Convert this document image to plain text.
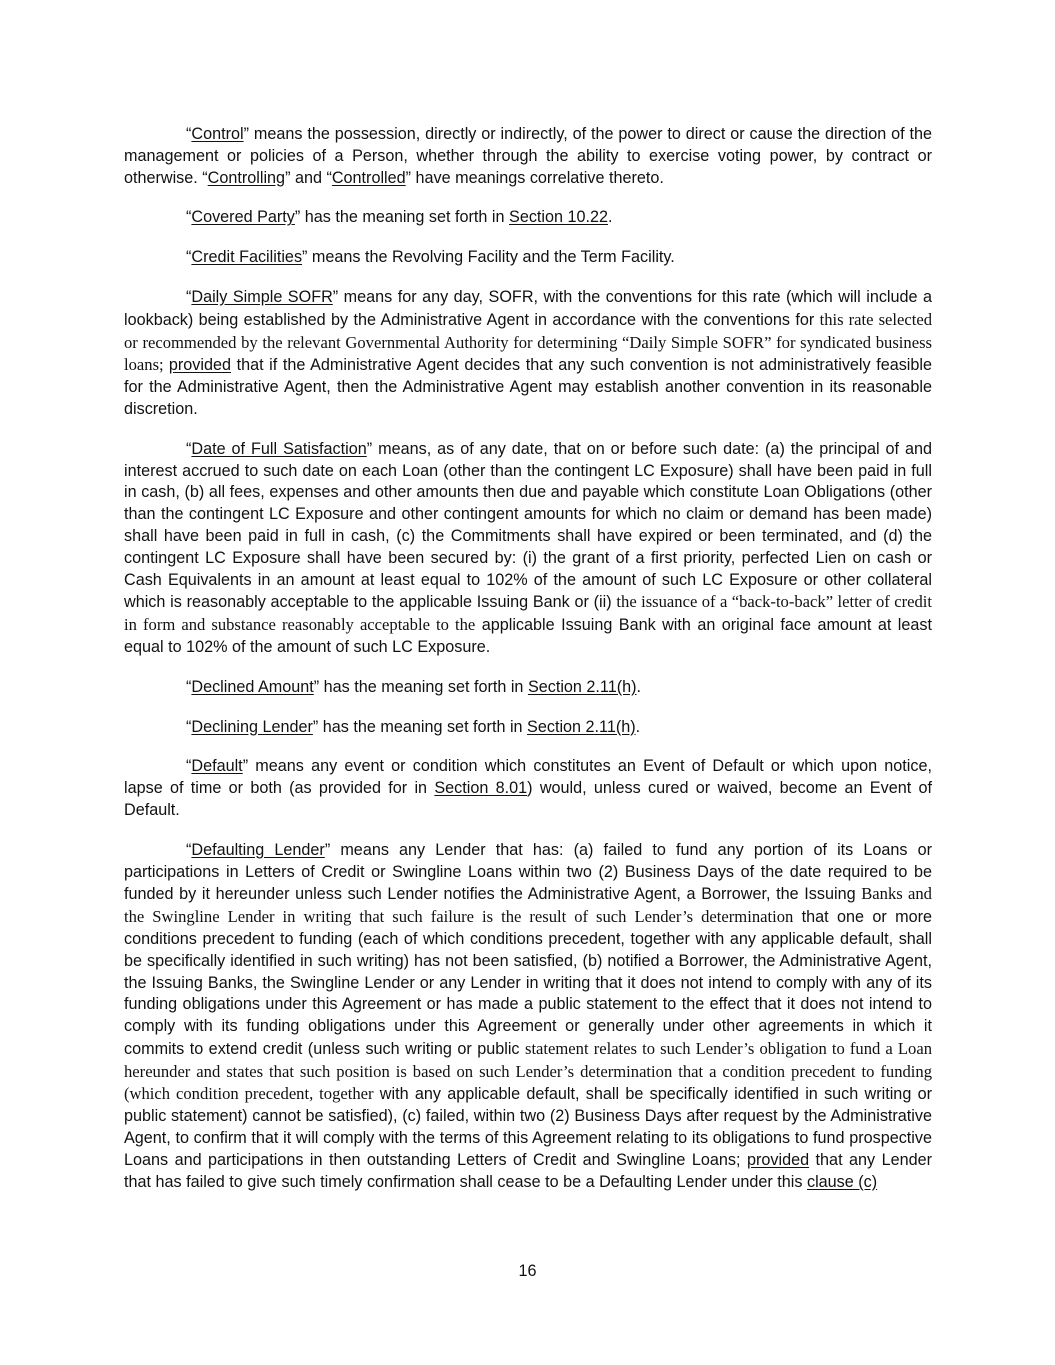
“Control” means the possession, directly or indirectly, of the power to direct or cause the direction of the management or policies of a Person, whether through the ability to exercise voting power, by contract or otherwise. “Controlling” and “Controlled” have meanings correlative thereto.

“Covered Party” has the meaning set forth in Section 10.22.

“Credit Facilities” means the Revolving Facility and the Term Facility.

“Daily Simple SOFR” means for any day, SOFR, with the conventions for this rate (which will include a lookback) being established by the Administrative Agent in accordance with the conventions for this rate selected or recommended by the relevant Governmental Authority for determining “Daily Simple SOFR” for syndicated business loans; provided that if the Administrative Agent decides that any such convention is not administratively feasible for the Administrative Agent, then the Administrative Agent may establish another convention in its reasonable discretion.

“Date of Full Satisfaction” means, as of any date, that on or before such date: (a) the principal of and interest accrued to such date on each Loan (other than the contingent LC Exposure) shall have been paid in full in cash, (b) all fees, expenses and other amounts then due and payable which constitute Loan Obligations (other than the contingent LC Exposure and other contingent amounts for which no claim or demand has been made) shall have been paid in full in cash, (c) the Commitments shall have expired or been terminated, and (d) the contingent LC Exposure shall have been secured by: (i) the grant of a first priority, perfected Lien on cash or Cash Equivalents in an amount at least equal to 102% of the amount of such LC Exposure or other collateral which is reasonably acceptable to the applicable Issuing Bank or (ii) the issuance of a “back-to-back” letter of credit in form and substance reasonably acceptable to the applicable Issuing Bank with an original face amount at least equal to 102% of the amount of such LC Exposure.

“Declined Amount” has the meaning set forth in Section 2.11(h).

“Declining Lender” has the meaning set forth in Section 2.11(h).

“Default” means any event or condition which constitutes an Event of Default or which upon notice, lapse of time or both (as provided for in Section 8.01) would, unless cured or waived, become an Event of Default.

“Defaulting Lender” means any Lender that has: (a) failed to fund any portion of its Loans or participations in Letters of Credit or Swingline Loans within two (2) Business Days of the date required to be funded by it hereunder unless such Lender notifies the Administrative Agent, a Borrower, the Issuing Banks and the Swingline Lender in writing that such failure is the result of such Lender’s determination that one or more conditions precedent to funding (each of which conditions precedent, together with any applicable default, shall be specifically identified in such writing) has not been satisfied, (b) notified a Borrower, the Administrative Agent, the Issuing Banks, the Swingline Lender or any Lender in writing that it does not intend to comply with any of its funding obligations under this Agreement or has made a public statement to the effect that it does not intend to comply with its funding obligations under this Agreement or generally under other agreements in which it commits to extend credit (unless such writing or public statement relates to such Lender’s obligation to fund a Loan hereunder and states that such position is based on such Lender’s determination that a condition precedent to funding (which condition precedent, together with any applicable default, shall be specifically identified in such writing or public statement) cannot be satisfied), (c) failed, within two (2) Business Days after request by the Administrative Agent, to confirm that it will comply with the terms of this Agreement relating to its obligations to fund prospective Loans and participations in then outstanding Letters of Credit and Swingline Loans; provided that any Lender that has failed to give such timely confirmation shall cease to be a Defaulting Lender under this clause (c)

16
